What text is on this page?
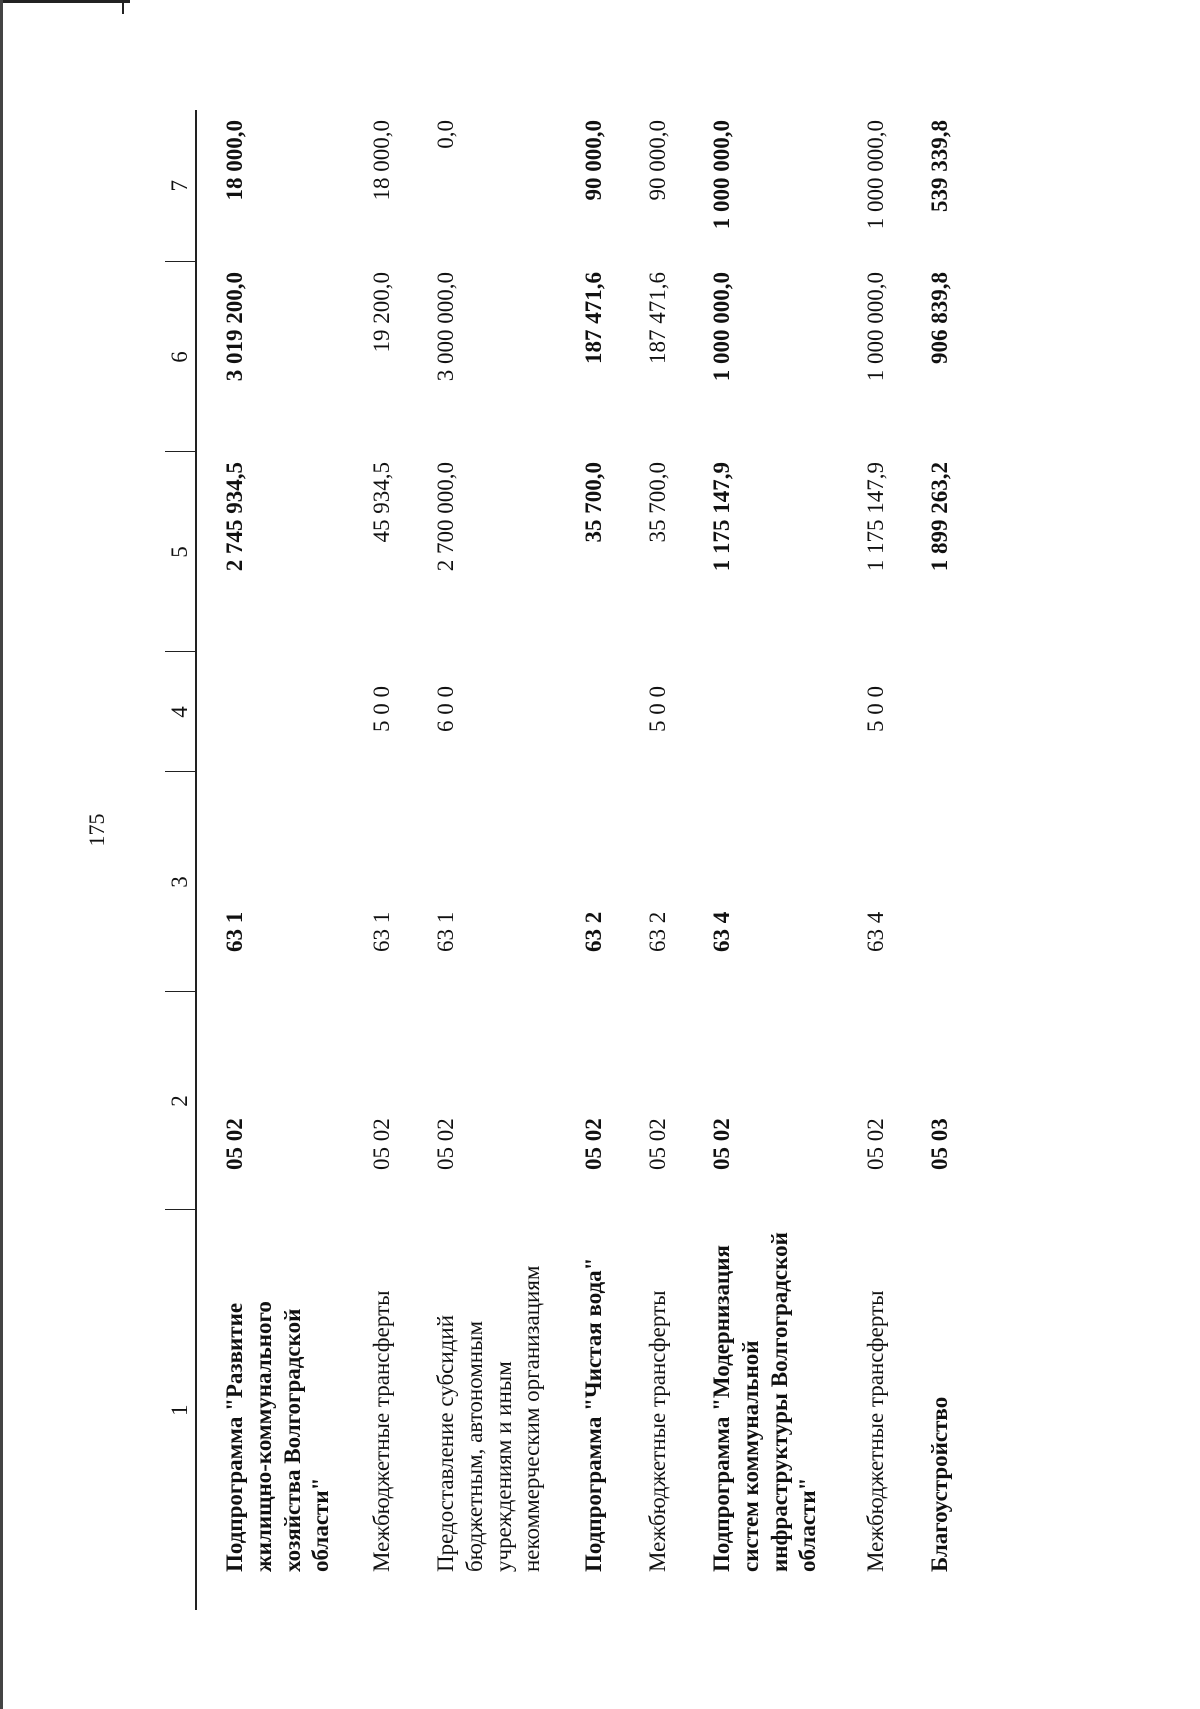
175
1	2	3	4	5	6	7
Подпрограмма "Развитие жилищно-коммунального хозяйства Волгоградской области"	05 02	63 1		2 745 934,5	3 019 200,0	18 000,0
Межбюджетные трансферты	05 02	63 1	5 0 0	45 934,5	19 200,0	18 000,0
Предоставление субсидий бюджетным, автономным учреждениям и иным некоммерческим организациям	05 02	63 1	6 0 0	2 700 000,0	3 000 000,0	0,0
Подпрограмма "Чистая вода"	05 02	63 2		35 700,0	187 471,6	90 000,0
Межбюджетные трансферты	05 02	63 2	5 0 0	35 700,0	187 471,6	90 000,0
Подпрограмма "Модернизация систем коммунальной инфраструктуры Волгоградской области"	05 02	63 4		1 175 147,9	1 000 000,0	1 000 000,0
Межбюджетные трансферты	05 02	63 4	5 0 0	1 175 147,9	1 000 000,0	1 000 000,0
Благоустройство	05 03			1 899 263,2	906 839,8	539 339,8
